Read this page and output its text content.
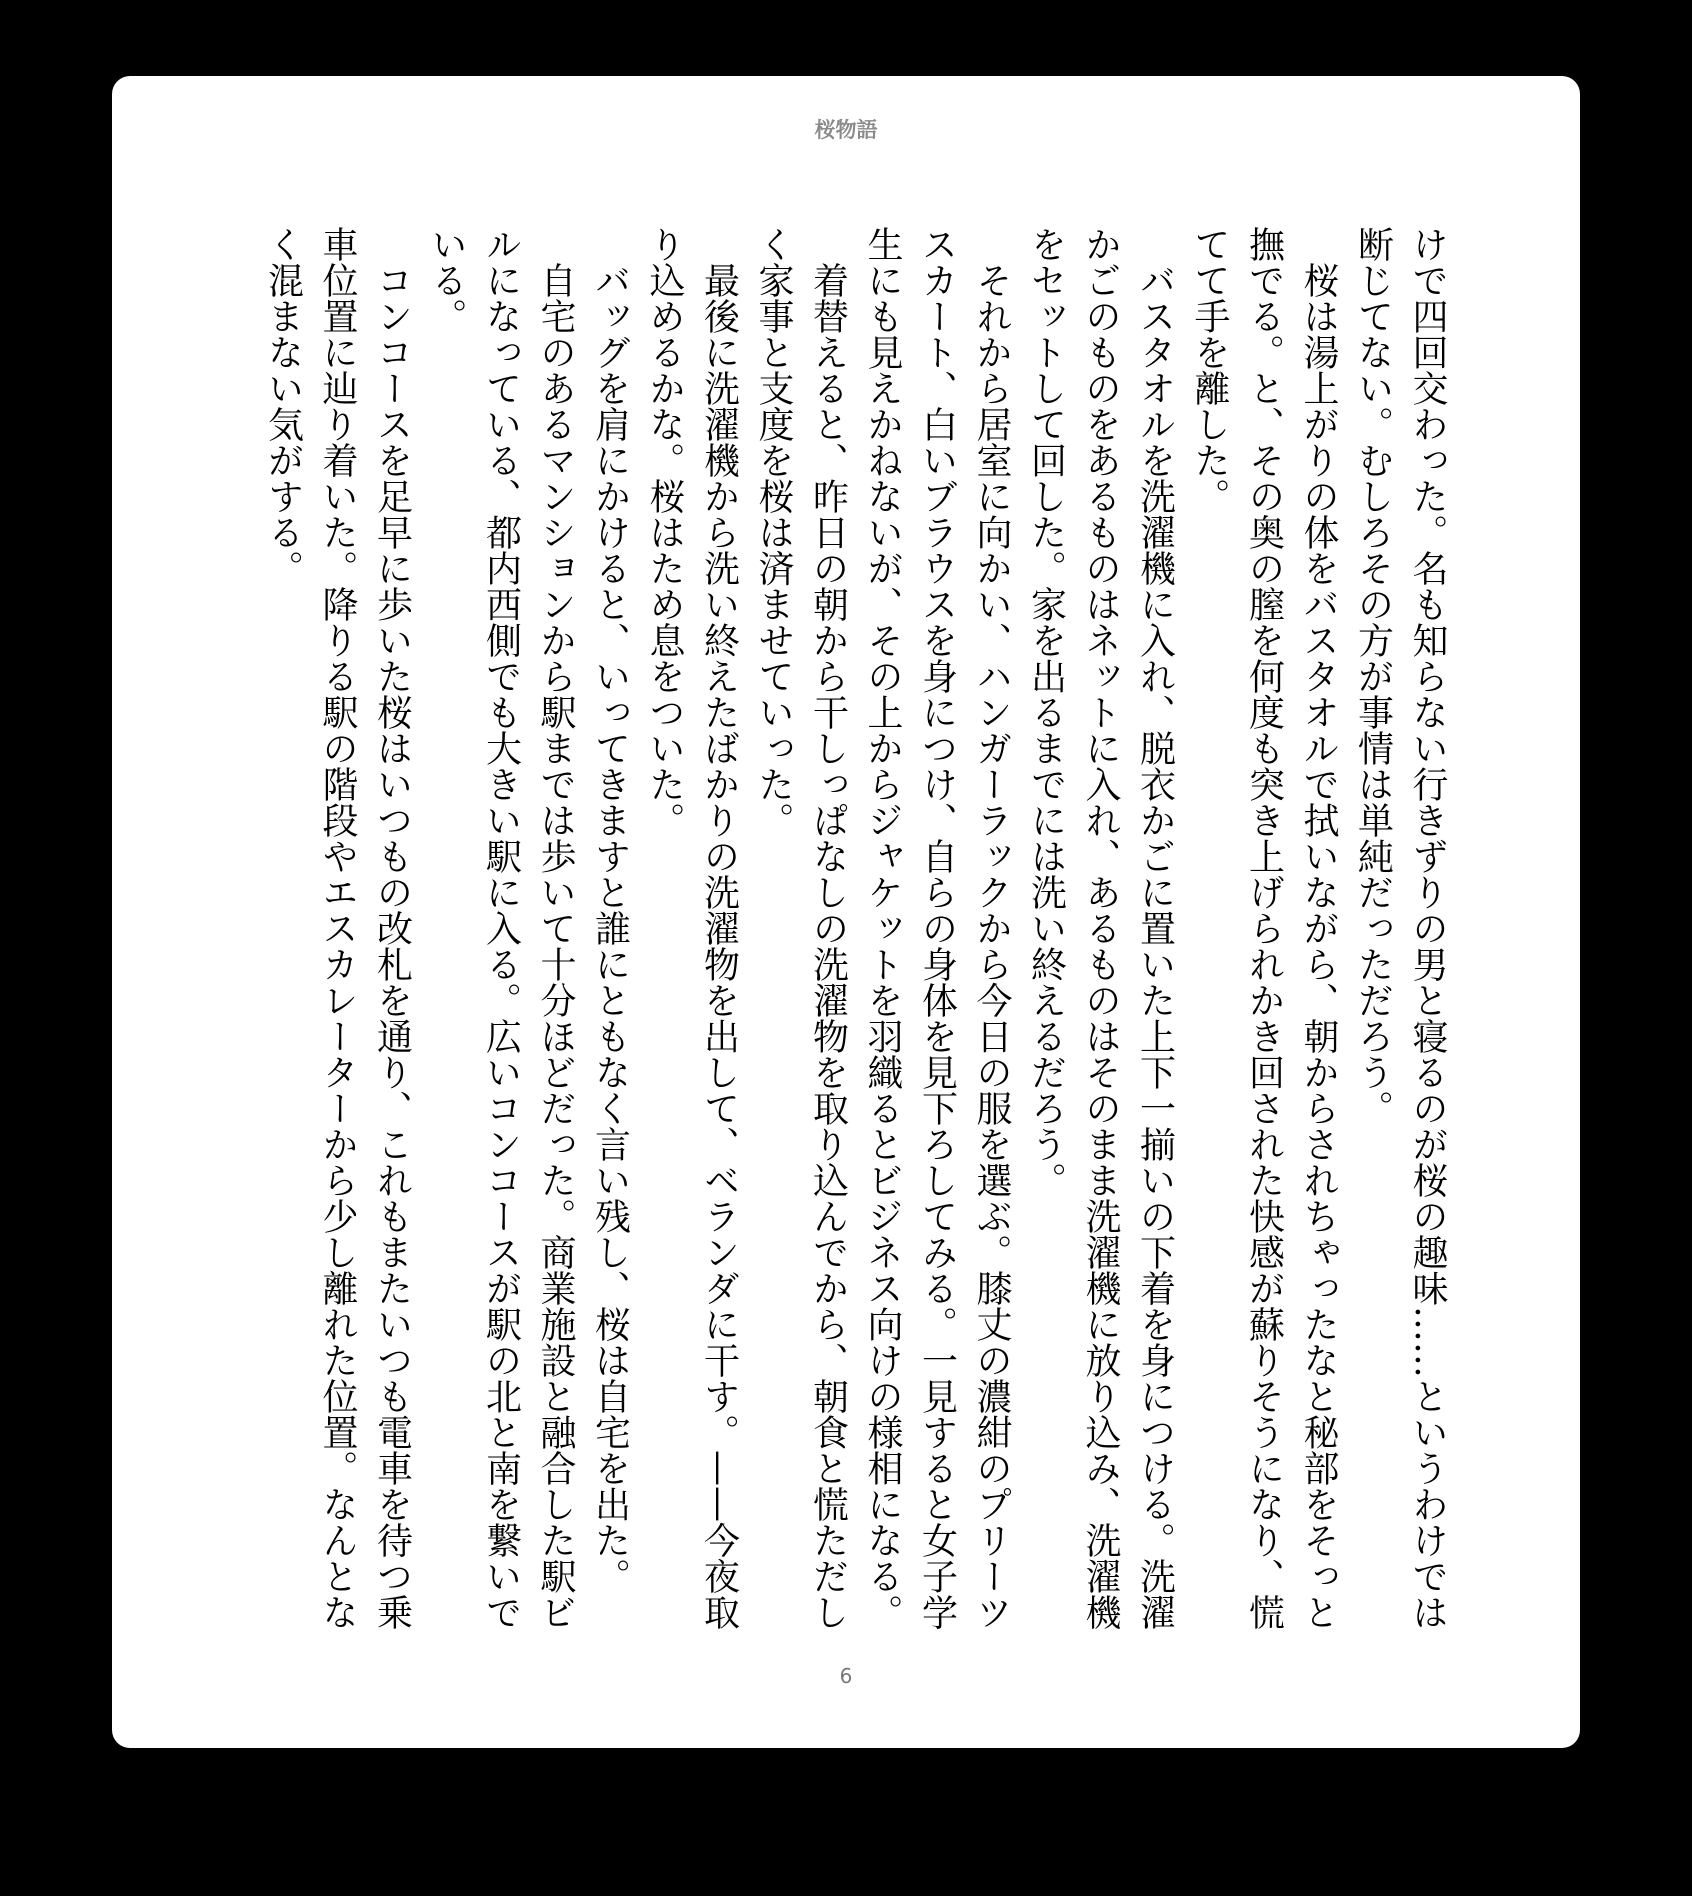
桜物語

けで四回交わった。名も知らない行きずりの男と寝るのが桜の趣味……というわけでは断じてない。むしろその方が事情は単純だっただろう。

桜は湯上がりの体をバスタオルで拭いながら、朝からされちゃったなと秘部をそっと撫でる。と、その奥の膣を何度も突き上げられかき回された快感が蘇りそうになり、慌てて手を離した。

バスタオルを洗濯機に入れ、脱衣かごに置いた上下一揃いの下着を身につける。洗濯かごのものをあるものはネットに入れ、あるものはそのまま洗濯機に放り込み、洗濯機をセットして回した。家を出るまでには洗い終えるだろう。

それから居室に向かい、ハンガーラックから今日の服を選ぶ。膝丈の濃紺のプリーツスカート、白いブラウスを身につけ、自らの身体を見下ろしてみる。一見すると女子学生にも見えかねないが、その上からジャケットを羽織るとビジネス向けの様相になる。

着替えると、昨日の朝から干しっぱなしの洗濯物を取り込んでから、朝食と慌ただしく家事と支度を桜は済ませていった。

最後に洗濯機から洗い終えたばかりの洗濯物を出して、ベランダに干す。——今夜取り込めるかな。桜はため息をついた。

バッグを肩にかけると、いってきますと誰にともなく言い残し、桜は自宅を出た。

自宅のあるマンションから駅までは歩いて十分ほどだった。商業施設と融合した駅ビルになっている、都内西側でも大きい駅に入る。広いコンコースが駅の北と南を繋いでいる。

コンコースを足早に歩いた桜はいつもの改札を通り、これもまたいつも電車を待つ乗車位置に辿り着いた。降りる駅の階段やエスカレーターから少し離れた位置。なんとなく混まない気がする。

6
